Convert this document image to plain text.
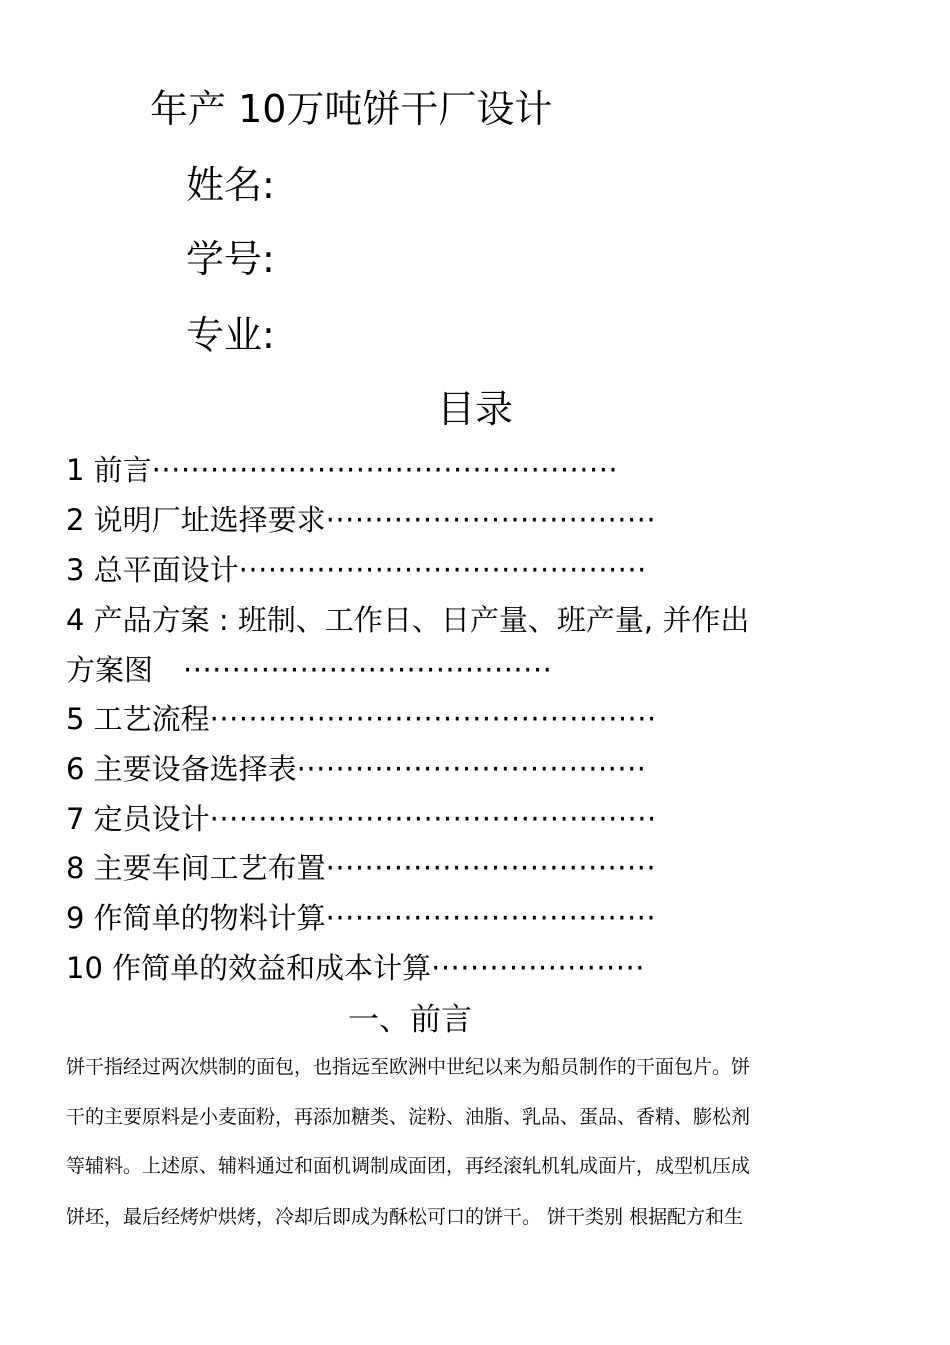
年产 10万吨饼干厂设计
姓名:
学号:
专业:
目录
1 前言················································
2 说明厂址选择要求··································
3 总平面设计··········································
4 产品方案 : 班制、工作日、日产量、班产量, 并作出
方案图 ······································
5 工艺流程··············································
6 主要设备选择表····································
7 定员设计··············································
8 主要车间工艺布置··································
9 作简单的物料计算··································
10 作简单的效益和成本计算······················
一、前言
饼干指经过两次烘制的面包，也指远至欧洲中世纪以来为船员制作的干面包片。饼
干的主要原料是小麦面粉，再添加糖类、淀粉、油脂、乳品、蛋品、香精、膨松剂
等辅料。上述原、辅料通过和面机调制成面团，再经滚轧机轧成面片，成型机压成
饼坯，最后经烤炉烘烤，冷却后即成为酥松可口的饼干。 饼干类别 根据配方和生
